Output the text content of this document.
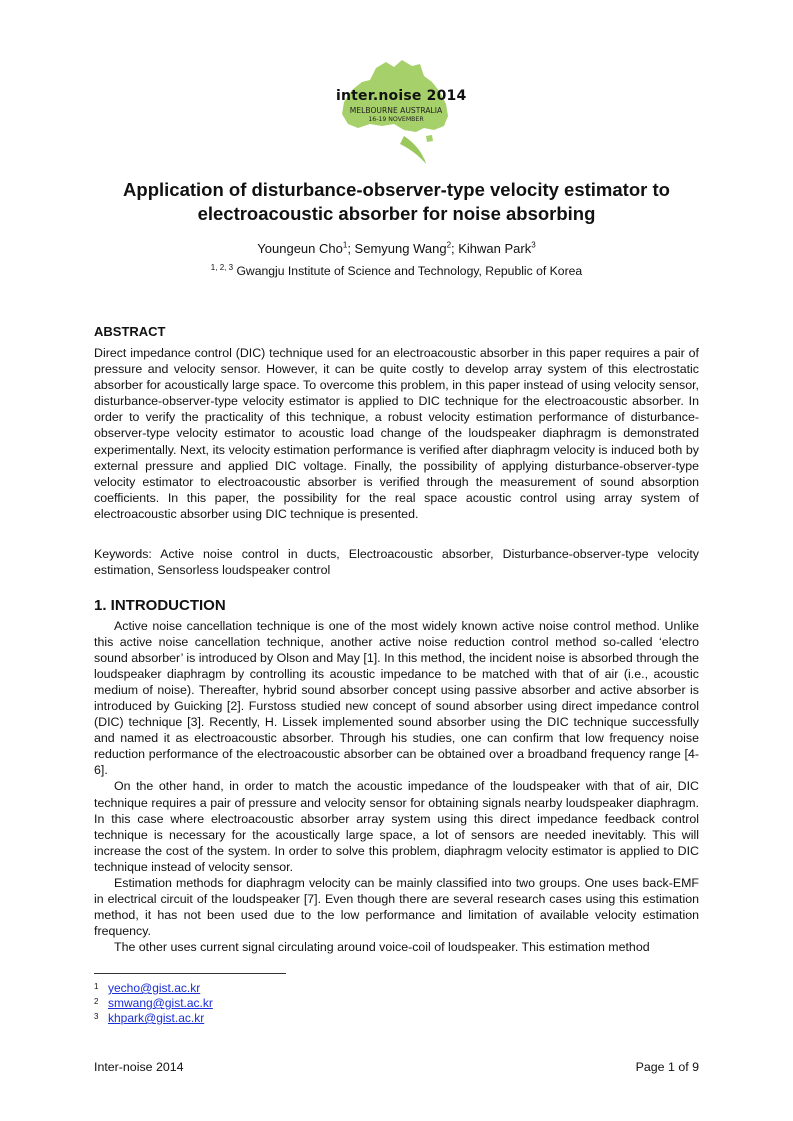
inter.noise 2014
MELBOURNE AUSTRALIA
16-19 NOVEMBER
Application of disturbance-observer-type velocity estimator to electroacoustic absorber for noise absorbing
Youngeun Cho$^1$; Semyung Wang$^2$; Kihwan Park$^3$
$^{1, 2, 3}$ Gwangju Institute of Science and Technology, Republic of Korea
ABSTRACT

Direct impedance control (DIC) technique used for an electroacoustic absorber in this paper requires a pair of pressure and velocity sensor. However, it can be quite costly to develop array system of this electrostatic absorber for acoustically large space. To overcome this problem, in this paper instead of using velocity sensor, disturbance-observer-type velocity estimator is applied to DIC technique for the electroacoustic absorber. In order to verify the practicality of this technique, a robust velocity estimation performance of disturbance-observer-type velocity estimator to acoustic load change of the loudspeaker diaphragm is demonstrated experimentally. Next, its velocity estimation performance is verified after diaphragm velocity is induced both by external pressure and applied DIC voltage. Finally, the possibility of applying disturbance-observer-type velocity estimator to electroacoustic absorber is verified through the measurement of sound absorption coefficients. In this paper, the possibility for the real space acoustic control using array system of electroacoustic absorber using DIC technique is presented.

Keywords: Active noise control in ducts, Electroacoustic absorber, Disturbance-observer-type velocity estimation, Sensorless loudspeaker control

1. INTRODUCTION

Active noise cancellation technique is one of the most widely known active noise control method. Unlike this active noise cancellation technique, another active noise reduction control method so-called ‘electro sound absorber’ is introduced by Olson and May [1]. In this method, the incident noise is absorbed through the loudspeaker diaphragm by controlling its acoustic impedance to be matched with that of air (i.e., acoustic medium of noise). Thereafter, hybrid sound absorber concept using passive absorber and active absorber is introduced by Guicking [2]. Furstoss studied new concept of sound absorber using direct impedance control (DIC) technique [3]. Recently, H. Lissek implemented sound absorber using the DIC technique successfully and named it as electroacoustic absorber. Through his studies, one can confirm that low frequency noise reduction performance of the electroacoustic absorber can be obtained over a broadband frequency range [4-6].

On the other hand, in order to match the acoustic impedance of the loudspeaker with that of air, DIC technique requires a pair of pressure and velocity sensor for obtaining signals nearby loudspeaker diaphragm. In this case where electroacoustic absorber array system using this direct impedance feedback control technique is necessary for the acoustically large space, a lot of sensors are needed inevitably. This will increase the cost of the system. In order to solve this problem, diaphragm velocity estimator is applied to DIC technique instead of velocity sensor.

Estimation methods for diaphragm velocity can be mainly classified into two groups. One uses back-EMF in electrical circuit of the loudspeaker [7]. Even though there are several research cases using this estimation method, it has not been used due to the low performance and limitation of available velocity estimation frequency.

The other uses current signal circulating around voice-coil of loudspeaker. This estimation method

1 yecho@gist.ac.kr
2 smwang@gist.ac.kr
3 khpark@gist.ac.kr
Inter-noise 2014	Page 1 of 9
